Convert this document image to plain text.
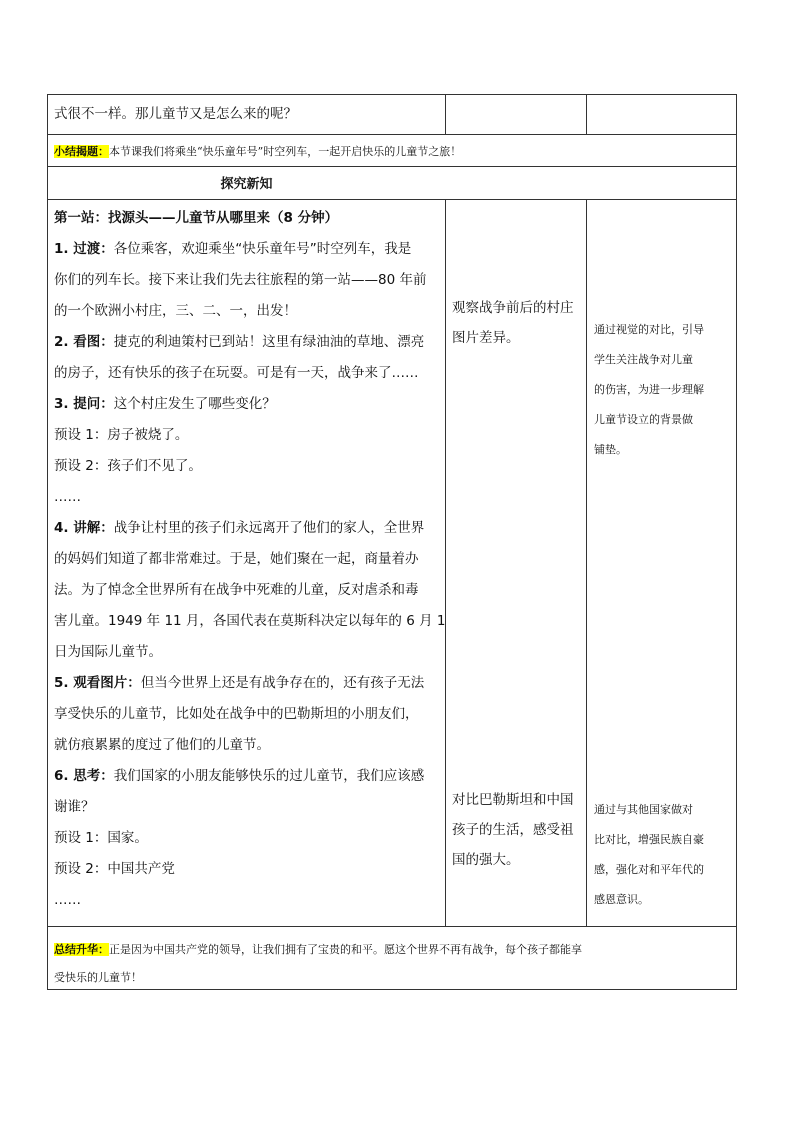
式很不一样。那儿童节又是怎么来的呢？
小结揭题：本节课我们将乘坐“快乐童年号”时空列车，一起开启快乐的儿童节之旅！
探究新知

第一站：找源头——儿童节从哪里来（8 分钟）

1. 过渡：各位乘客，欢迎乘坐“快乐童年号”时空列车，我是

你们的列车长。接下来让我们先去往旅程的第一站——80 年前

的一个欧洲小村庄，三、二、一，出发！

2. 看图：捷克的利迪策村已到站！这里有绿油油的草地、漂亮

的房子，还有快乐的孩子在玩耍。可是有一天，战争来了……

3. 提问：这个村庄发生了哪些变化？

预设 1：房子被烧了。

预设 2：孩子们不见了。

……

4. 讲解：战争让村里的孩子们永远离开了他们的家人，全世界

的妈妈们知道了都非常难过。于是，她们聚在一起，商量着办

法。为了悼念全世界所有在战争中死难的儿童，反对虐杀和毒

害儿童。1949 年 11 月，各国代表在莫斯科决定以每年的 6 月 1

日为国际儿童节。

5. 观看图片：但当今世界上还是有战争存在的，还有孩子无法

享受快乐的儿童节，比如处在战争中的巴勒斯坦的小朋友们，

就仿痕累累的度过了他们的儿童节。

6. 思考：我们国家的小朋友能够快乐的过儿童节，我们应该感

谢谁？

预设 1：国家。

预设 2：中国共产党

……

观察战争前后的村庄
图片差异。
对比巴勒斯坦和中国
孩子的生活，感受祖
国的强大。
通过视觉的对比，引导
学生关注战争对儿童
的伤害，为进一步理解
儿童节设立的背景做
铺垫。
通过与其他国家做对
比对比，增强民族自豪
感，强化对和平年代的
感恩意识。
总结升华：正是因为中国共产党的领导，让我们拥有了宝贵的和平。愿这个世界不再有战争，每个孩子都能享
受快乐的儿童节！
